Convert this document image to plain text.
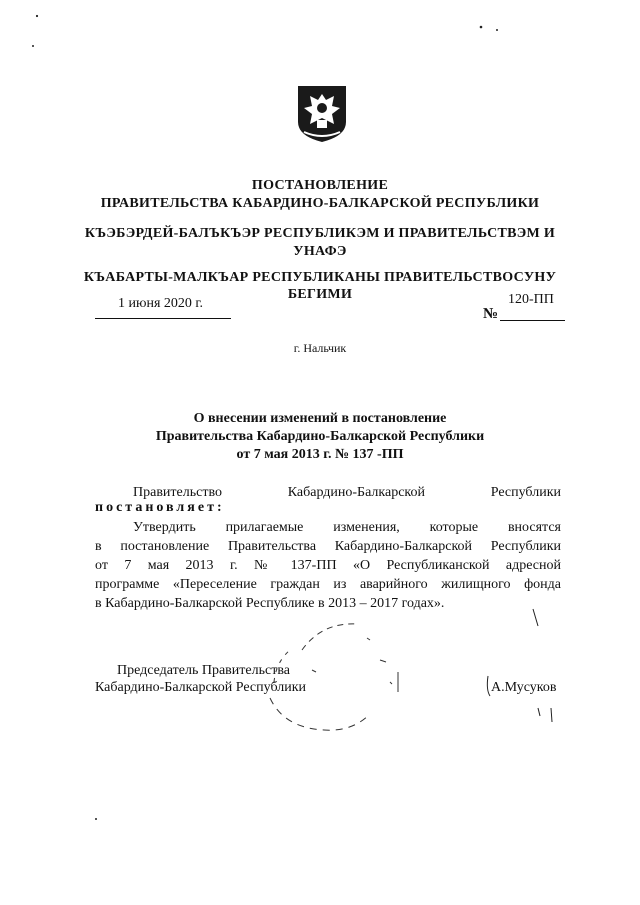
ПОСТАНОВЛЕНИЕ
ПРАВИТЕЛЬСТВА КАБАРДИНО-БАЛКАРСКОЙ РЕСПУБЛИКИ
КЪЭБЭРДЕЙ-БАЛЪКЪЭР РЕСПУБЛИКЭМ И ПРАВИТЕЛЬСТВЭМ И
УНАФЭ
КЪАБАРТЫ-МАЛКЪАР РЕСПУБЛИКАНЫ ПРАВИТЕЛЬСТВОСУНУ
БЕГИМИ
1 июня 2020 г.	120-ПП
№
г. Нальчик
О внесении изменений в постановление
Правительства Кабардино-Балкарской Республики
от 7 мая 2013 г. № 137 -ПП
Правительство	Кабардино-Балкарской	Республики
постановляет:
Утвердить прилагаемые изменения, которые вносятся
в постановление Правительства Кабардино-Балкарской Республики
от 7 мая 2013 г. № 137-ПП «О Республиканской адресной
программе «Переселение граждан из аварийного жилищного фонда
в Кабардино-Балкарской Республике в 2013 – 2017 годах».
Председатель Правительства
Кабардино-Балкарской Республики	А.Мусуков
